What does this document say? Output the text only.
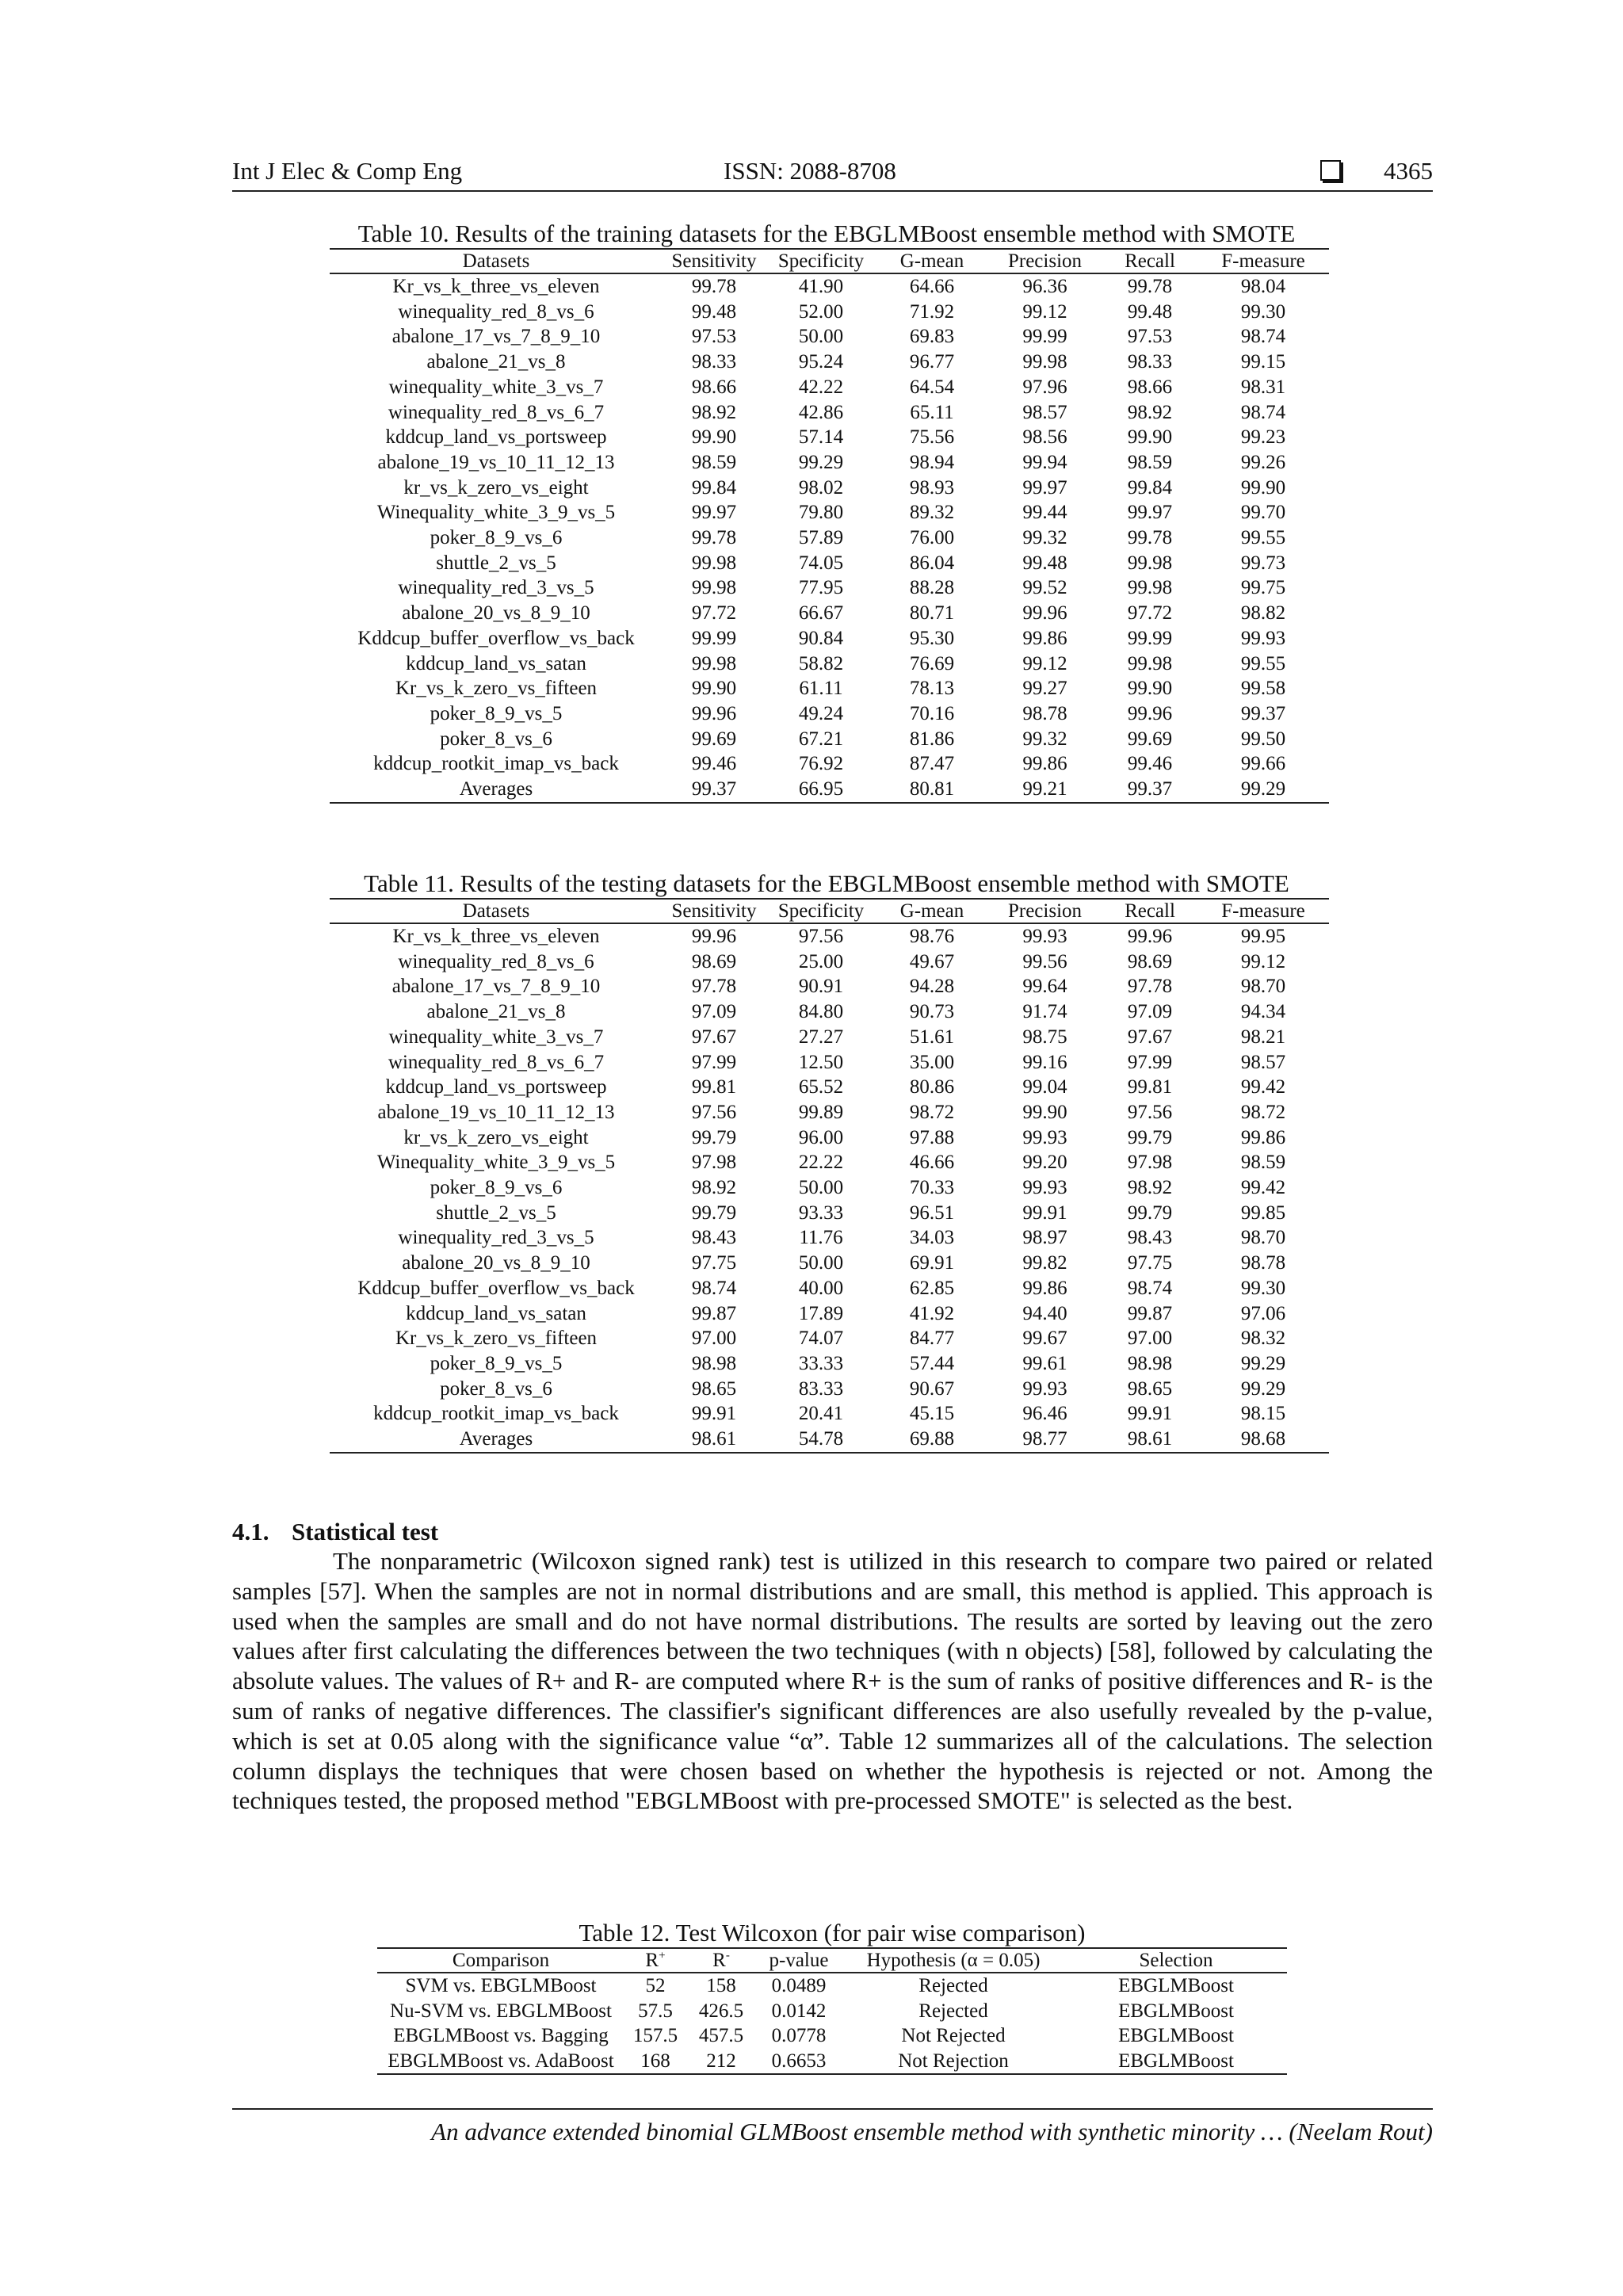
Int J Elec & Comp Eng	ISSN: 2088-8708	4365
Table 10. Results of the training datasets for the EBGLMBoost ensemble method with SMOTE
Datasets	Sensitivity	Specificity	G-mean	Precision	Recall	F-measure
Kr_vs_k_three_vs_eleven	99.78	41.90	64.66	96.36	99.78	98.04
winequality_red_8_vs_6	99.48	52.00	71.92	99.12	99.48	99.30
abalone_17_vs_7_8_9_10	97.53	50.00	69.83	99.99	97.53	98.74
abalone_21_vs_8	98.33	95.24	96.77	99.98	98.33	99.15
winequality_white_3_vs_7	98.66	42.22	64.54	97.96	98.66	98.31
winequality_red_8_vs_6_7	98.92	42.86	65.11	98.57	98.92	98.74
kddcup_land_vs_portsweep	99.90	57.14	75.56	98.56	99.90	99.23
abalone_19_vs_10_11_12_13	98.59	99.29	98.94	99.94	98.59	99.26
kr_vs_k_zero_vs_eight	99.84	98.02	98.93	99.97	99.84	99.90
Winequality_white_3_9_vs_5	99.97	79.80	89.32	99.44	99.97	99.70
poker_8_9_vs_6	99.78	57.89	76.00	99.32	99.78	99.55
shuttle_2_vs_5	99.98	74.05	86.04	99.48	99.98	99.73
winequality_red_3_vs_5	99.98	77.95	88.28	99.52	99.98	99.75
abalone_20_vs_8_9_10	97.72	66.67	80.71	99.96	97.72	98.82
Kddcup_buffer_overflow_vs_back	99.99	90.84	95.30	99.86	99.99	99.93
kddcup_land_vs_satan	99.98	58.82	76.69	99.12	99.98	99.55
Kr_vs_k_zero_vs_fifteen	99.90	61.11	78.13	99.27	99.90	99.58
poker_8_9_vs_5	99.96	49.24	70.16	98.78	99.96	99.37
poker_8_vs_6	99.69	67.21	81.86	99.32	99.69	99.50
kddcup_rootkit_imap_vs_back	99.46	76.92	87.47	99.86	99.46	99.66
Averages	99.37	66.95	80.81	99.21	99.37	99.29
Table 11. Results of the testing datasets for the EBGLMBoost ensemble method with SMOTE
Datasets	Sensitivity	Specificity	G-mean	Precision	Recall	F-measure
Kr_vs_k_three_vs_eleven	99.96	97.56	98.76	99.93	99.96	99.95
winequality_red_8_vs_6	98.69	25.00	49.67	99.56	98.69	99.12
abalone_17_vs_7_8_9_10	97.78	90.91	94.28	99.64	97.78	98.70
abalone_21_vs_8	97.09	84.80	90.73	91.74	97.09	94.34
winequality_white_3_vs_7	97.67	27.27	51.61	98.75	97.67	98.21
winequality_red_8_vs_6_7	97.99	12.50	35.00	99.16	97.99	98.57
kddcup_land_vs_portsweep	99.81	65.52	80.86	99.04	99.81	99.42
abalone_19_vs_10_11_12_13	97.56	99.89	98.72	99.90	97.56	98.72
kr_vs_k_zero_vs_eight	99.79	96.00	97.88	99.93	99.79	99.86
Winequality_white_3_9_vs_5	97.98	22.22	46.66	99.20	97.98	98.59
poker_8_9_vs_6	98.92	50.00	70.33	99.93	98.92	99.42
shuttle_2_vs_5	99.79	93.33	96.51	99.91	99.79	99.85
winequality_red_3_vs_5	98.43	11.76	34.03	98.97	98.43	98.70
abalone_20_vs_8_9_10	97.75	50.00	69.91	99.82	97.75	98.78
Kddcup_buffer_overflow_vs_back	98.74	40.00	62.85	99.86	98.74	99.30
kddcup_land_vs_satan	99.87	17.89	41.92	94.40	99.87	97.06
Kr_vs_k_zero_vs_fifteen	97.00	74.07	84.77	99.67	97.00	98.32
poker_8_9_vs_5	98.98	33.33	57.44	99.61	98.98	99.29
poker_8_vs_6	98.65	83.33	90.67	99.93	98.65	99.29
kddcup_rootkit_imap_vs_back	99.91	20.41	45.15	96.46	99.91	98.15
Averages	98.61	54.78	69.88	98.77	98.61	98.68
4.1. Statistical test

The nonparametric (Wilcoxon signed rank) test is utilized in this research to compare two paired or related samples [57]. When the samples are not in normal distributions and are small, this method is applied. This approach is used when the samples are small and do not have normal distributions. The results are sorted by leaving out the zero values after first calculating the differences between the two techniques (with n objects) [58], followed by calculating the absolute values. The values of R+ and R- are computed where R+ is the sum of ranks of positive differences and R- is the sum of ranks of negative differences. The classifier's significant differences are also usefully revealed by the p-value, which is set at 0.05 along with the significance value “α”. Table 12 summarizes all of the calculations. The selection column displays the techniques that were chosen based on whether the hypothesis is rejected or not. Among the techniques tested, the proposed method "EBGLMBoost with pre-processed SMOTE" is selected as the best.

Table 12. Test Wilcoxon (for pair wise comparison)
Comparison	R+	R-	p-value	Hypothesis (α = 0.05)	Selection
SVM vs. EBGLMBoost	52	158	0.0489	Rejected	EBGLMBoost
Nu-SVM vs. EBGLMBoost	57.5	426.5	0.0142	Rejected	EBGLMBoost
EBGLMBoost vs. Bagging	157.5	457.5	0.0778	Not Rejected	EBGLMBoost
EBGLMBoost vs. AdaBoost	168	212	0.6653	Not Rejection	EBGLMBoost
An advance extended binomial GLMBoost ensemble method with synthetic minority … (Neelam Rout)
